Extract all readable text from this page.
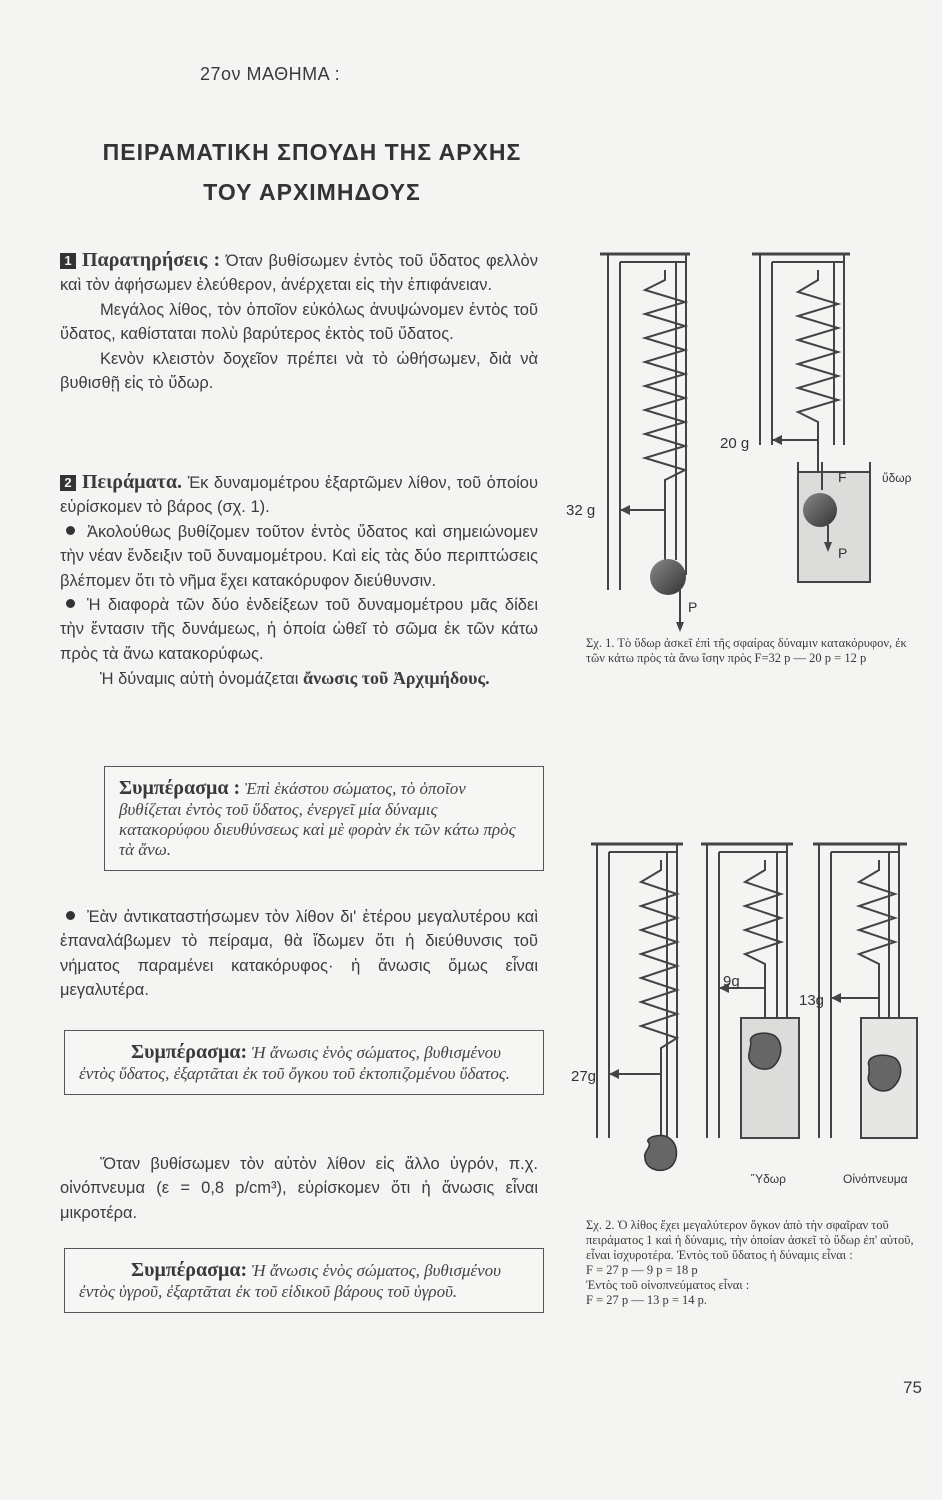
27ον ΜΑΘΗΜΑ :
ΠΕΙΡΑΜΑΤΙΚΗ ΣΠΟΥΔΗ ΤΗΣ ΑΡΧΗΣ
ΤΟΥ ΑΡΧΙΜΗΔΟΥΣ
1 Παρατηρήσεις : Όταν βυθίσωμεν ἐντὸς τοῦ ὕδατος φελλὸν καὶ τὸν ἀφήσωμεν ἐλεύθερον, ἀνέρχεται εἰς τὴν ἐπιφάνειαν.
Μεγάλος λίθος, τὸν ὁποῖον εὐκόλως ἀνυψώνομεν ἐντὸς τοῦ ὕδατος, καθίσταται πολὺ βαρύτερος ἐκτὸς τοῦ ὕδατος.
Κενὸν κλειστὸν δοχεῖον πρέπει νὰ τὸ ὠθήσωμεν, διὰ νὰ βυθισθῇ εἰς τὸ ὕδωρ.
2 Πειράματα. Ἐκ δυναμομέτρου ἐξαρτῶμεν λίθον, τοῦ ὁποίου εὑρίσκομεν τὸ βάρος (σχ. 1).
Ἀκολούθως βυθίζομεν τοῦτον ἐντὸς ὕδατος καὶ σημειώνομεν τὴν νέαν ἔνδειξιν τοῦ δυναμομέτρου. Καὶ εἰς τὰς δύο περιπτώσεις βλέπομεν ὅτι τὸ νῆμα ἔχει κατακόρυφον διεύθυνσιν.
Ἡ διαφορὰ τῶν δύο ἐνδείξεων τοῦ δυναμομέτρου μᾶς δίδει τὴν ἔντασιν τῆς δυνάμεως, ἡ ὁποία ὠθεῖ τὸ σῶμα ἐκ τῶν κάτω πρὸς τὰ ἄνω κατακορύφως.
Ἡ δύναμις αὐτὴ ὀνομάζεται ἄνωσις τοῦ Ἀρχιμήδους.
Συμπέρασμα : Ἐπὶ ἑκάστου σώματος, τὸ ὁποῖον βυθίζεται ἐντὸς τοῦ ὕδατος, ἐνεργεῖ μία δύναμις κατακορύφου διευθύνσεως καὶ μὲ φορὰν ἐκ τῶν κάτω πρὸς τὰ ἄνω.
Ἐὰν ἀντικαταστήσωμεν τὸν λίθον δι' ἑτέρου μεγαλυτέρου καὶ ἐπαναλάβωμεν τὸ πείραμα, θὰ ἴδωμεν ὅτι ἡ διεύθυνσις τοῦ νήματος παραμένει κατακόρυφος· ἡ ἄνωσις ὅμως εἶναι μεγαλυτέρα.
Συμπέρασμα: Ἡ ἄνωσις ἑνὸς σώματος, βυθισμένου ἐντὸς ὕδατος, ἐξαρτᾶται ἐκ τοῦ ὄγκου τοῦ ἐκτοπιζομένου ὕδατος.
Ὅταν βυθίσωμεν τὸν αὐτὸν λίθον εἰς ἄλλο ὑγρόν, π.χ. οἰνόπνευμα (ε = 0,8 p/cm³), εὑρίσκομεν ὅτι ἡ ἄνωσις εἶναι μικροτέρα.
Συμπέρασμα: Ἡ ἄνωσις ἑνὸς σώματος, βυθισμένου ἐντὸς ὑγροῦ, ἐξαρτᾶται ἐκ τοῦ εἰδικοῦ βάρους τοῦ ὑγροῦ.
P
32 g
20 g
F
P
ὕδωρ
Σχ. 1. Τὸ ὕδωρ ἀσκεῖ ἐπὶ τῆς σφαίρας δύναμιν κατακόρυφον, ἐκ τῶν κάτω πρὸς τὰ ἄνω ἴσην πρὸς F=32 p — 20 p = 12 p
27g
9g
13g
Ὕδωρ	Οἰνόπνευμα
Σχ. 2. Ὁ λίθος ἔχει μεγαλύτερον ὄγκον ἀπὸ τὴν σφαῖραν τοῦ πειράματος 1 καὶ ἡ δύναμις, τὴν ὁποίαν ἀσκεῖ τὸ ὕδωρ ἐπ' αὐτοῦ, εἶναι ἰσχυροτέρα. Ἐντὸς τοῦ ὕδατος ἡ δύναμις εἶναι :
F = 27 p — 9 p = 18 p
Ἐντὸς τοῦ οἰνοπνεύματος εἶναι :
F = 27 p — 13 p = 14 p.
75
